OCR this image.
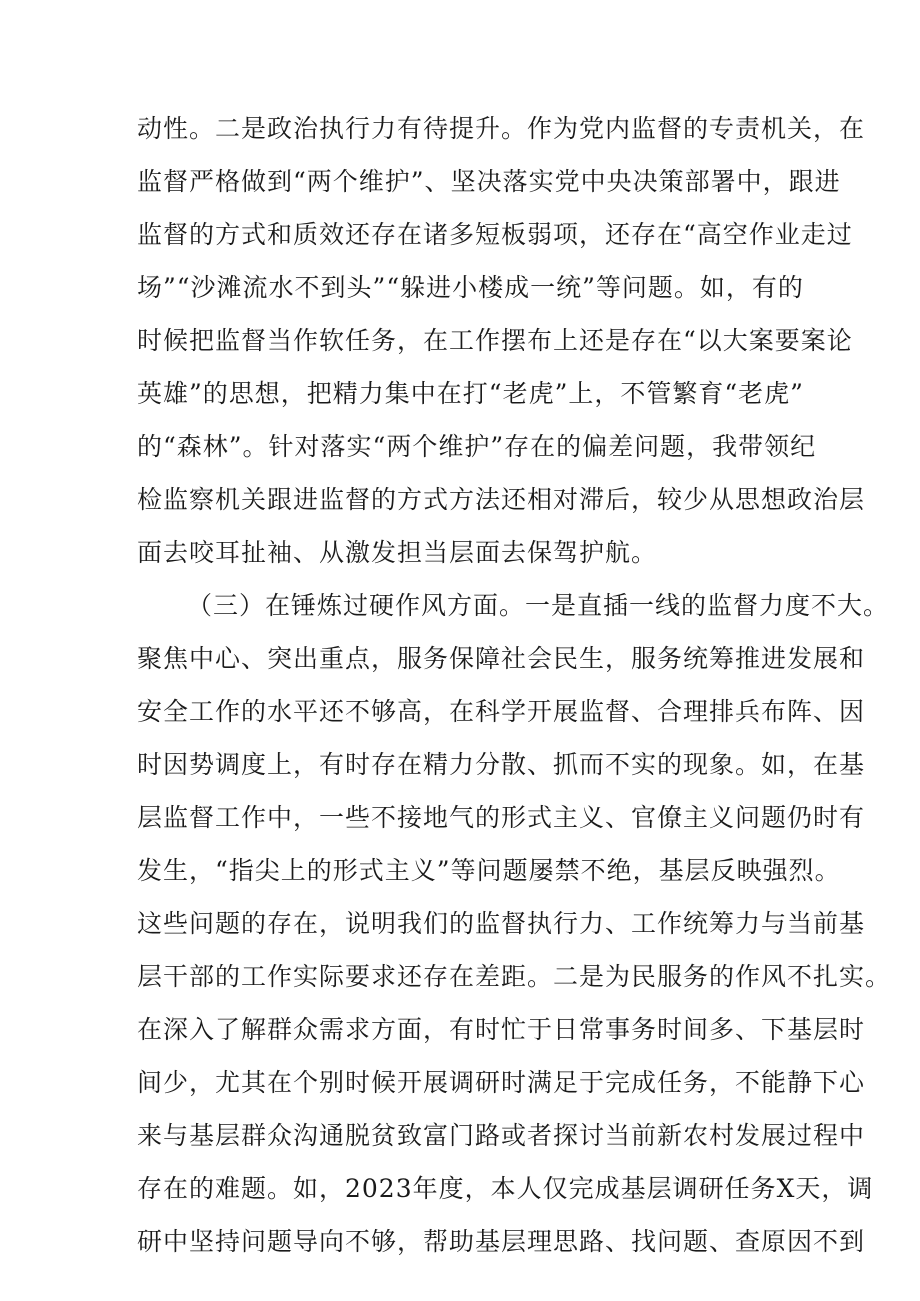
动性。二是政治执行力有待提升。作为党内监督的专责机关，在
监督严格做到“两个维护”、坚决落实党中央决策部署中，跟进
监督的方式和质效还存在诸多短板弱项，还存在“高空作业走过
场”“沙滩流水不到头”“躲进小楼成一统”等问题。如，有的
时候把监督当作软任务，在工作摆布上还是存在“以大案要案论
英雄”的思想，把精力集中在打“老虎”上，不管繁育“老虎”
的“森林”。针对落实“两个维护”存在的偏差问题，我带领纪
检监察机关跟进监督的方式方法还相对滞后，较少从思想政治层
面去咬耳扯袖、从激发担当层面去保驾护航。
（三）在锤炼过硬作风方面。一是直插一线的监督力度不大。
聚焦中心、突出重点，服务保障社会民生，服务统筹推进发展和
安全工作的水平还不够高，在科学开展监督、合理排兵布阵、因
时因势调度上，有时存在精力分散、抓而不实的现象。如，在基
层监督工作中，一些不接地气的形式主义、官僚主义问题仍时有
发生，“指尖上的形式主义”等问题屡禁不绝，基层反映强烈。
这些问题的存在，说明我们的监督执行力、工作统筹力与当前基
层干部的工作实际要求还存在差距。二是为民服务的作风不扎实。
在深入了解群众需求方面，有时忙于日常事务时间多、下基层时
间少，尤其在个别时候开展调研时满足于完成任务，不能静下心
来与基层群众沟通脱贫致富门路或者探讨当前新农村发展过程中
存在的难题。如，2023年度，本人仅完成基层调研任务X天，调
研中坚持问题导向不够，帮助基层理思路、找问题、查原因不到
